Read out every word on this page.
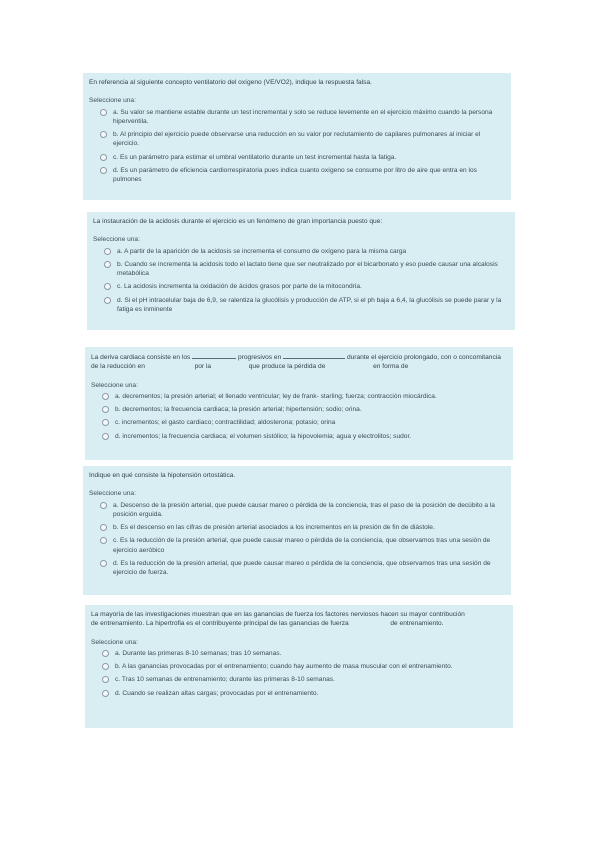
En referencia al siguiente concepto ventilatorio del oxígeno (VE/VO2), indique la respuesta falsa.

Seleccione una:

a. Su valor se mantiene estable durante un test incremental y solo se reduce levemente en el ejercicio máximo cuando la persona hiperventila.
b. Al principio del ejercicio puede observarse una reducción en su valor por reclutamiento de capilares pulmonares al iniciar el ejercicio.
c. Es un parámetro para estimar el umbral ventilatorio durante un test incremental hasta la fatiga.
d. Es un parámetro de eficiencia cardiorrespiratoria pues indica cuanto oxígeno se consume por litro de aire que entra en los pulmones

La instauración de la acidosis durante el ejercicio es un fenómeno de gran importancia puesto que:

Seleccione una:

a. A partir de la aparición de la acidosis se incrementa el consumo de oxígeno para la misma carga
b. Cuando se incrementa la acidosis todo el lactato tiene que ser neutralizado por el bicarbonato y eso puede causar una alcalosis metabólica
c. La acidosis incrementa la oxidación de ácidos grasos por parte de la mitocondria.
d. Si el pH intracelular baja de 6,9, se ralentiza la glucólisis y producción de ATP, si el ph baja a 6,4, la glucólisis se puede parar y la fatiga es inminente

La deriva cardiaca consiste en los	progresivos en	durante el ejercicio prolongado, con o concomitancia de la reducción en	por la	que produce la pérdida de	en forma de

Seleccione una:

a. decrementos; la presión arterial; el llenado ventricular; ley de frank- starling; fuerza; contracción miocárdica.
b. decrementos; la frecuencia cardiaca; la presión arterial; hipertensión; sodio; orina.
c. incrementos; el gasto cardiaco; contractilidad; aldosterona; potasio; orina
d. incrementos; la frecuencia cardiaca; el volumen sistólico; la hipovolemia; agua y electrolitos; sudor.

Indique en qué consiste la hipotensión ortostática.

Seleccione una:

a. Descenso de la presión arterial, que puede causar mareo o pérdida de la conciencia, tras el paso de la posición de decúbito a la posición erguida.
b. Es el descenso en las cifras de presión arterial asociados a los incrementos en la presión de fin de diástole.
c. Es la reducción de la presión arterial, que puede causar mareo o pérdida de la conciencia, que observamos tras una sesión de ejercicio aeróbico
d. Es la reducción de la presión arterial, que puede causar mareo o pérdida de la conciencia, que observamos tras una sesión de ejercicio de fuerza.

La mayoría de las investigaciones muestran que en las ganancias de fuerza los factores nerviosos hacen su mayor contribución  de entrenamiento. La hipertrofia es el contribuyente principal de las ganancias de fuerza	de entrenamiento.

Seleccione una:

a. Durante las primeras 8-10 semanas; tras 10 semanas.
b. A las ganancias provocadas por el entrenamiento; cuando hay aumento de masa muscular con el entrenamiento.
c. Tras 10 semanas de entrenamiento; durante las primeras 8-10 semanas.
d. Cuando se realizan altas cargas; provocadas por el entrenamiento.
